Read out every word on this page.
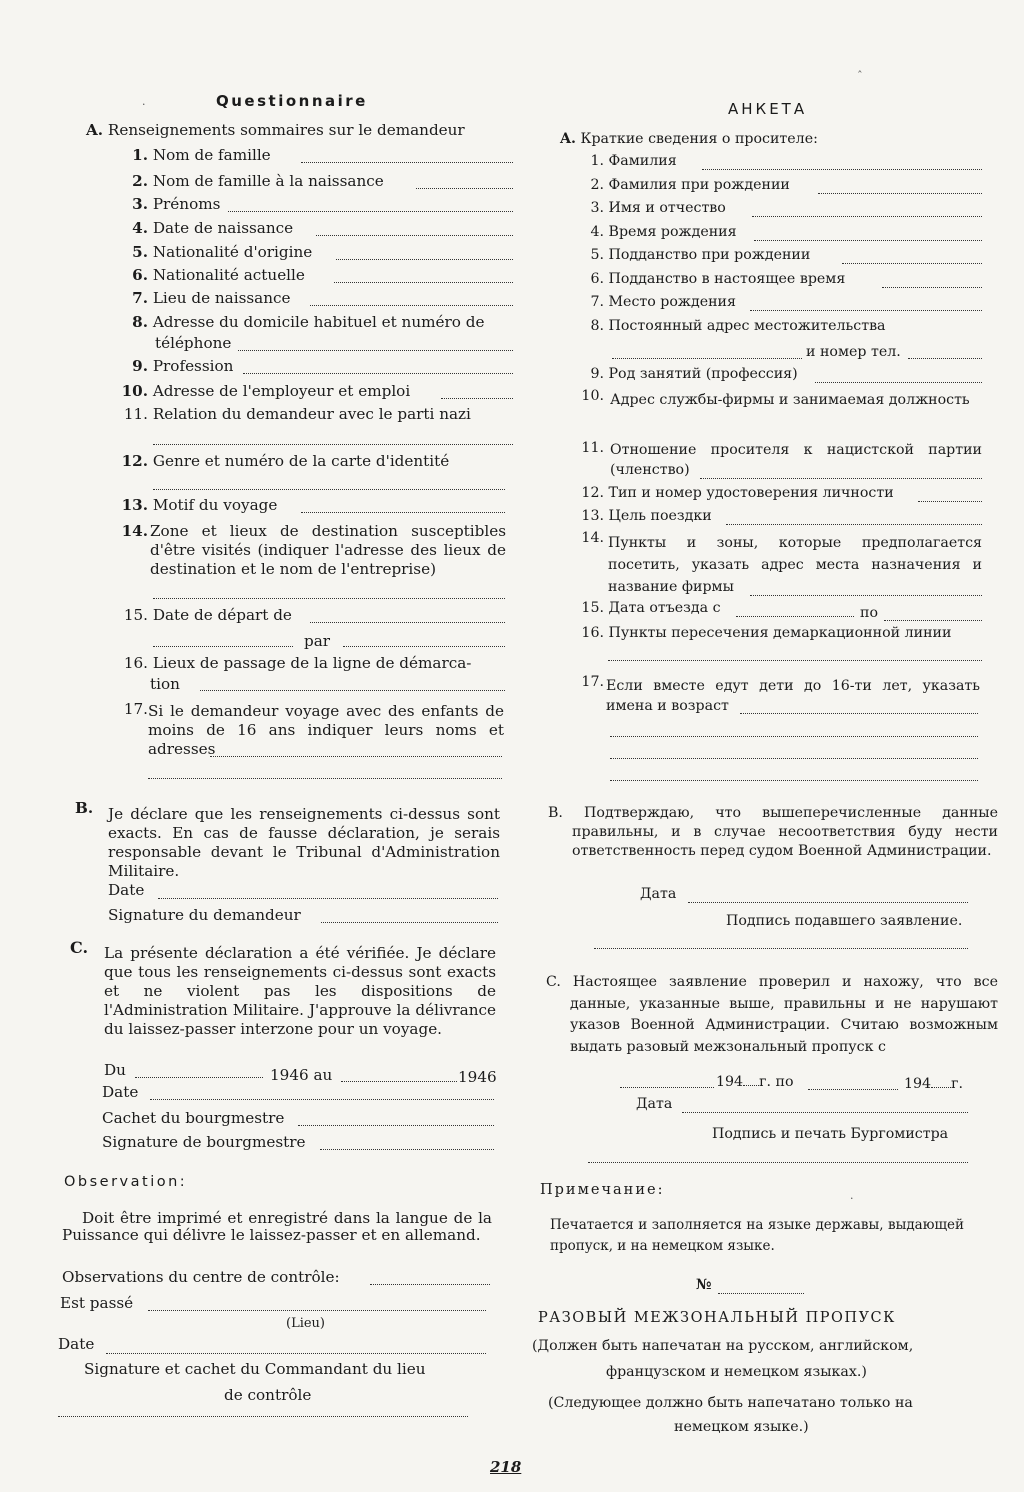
Questionnaire
A. Renseignements sommaires sur le demandeur
1. Nom de famille
2. Nom de famille à la naissance
3. Prénoms
4. Date de naissance
5. Nationalité d'origine
6. Nationalité actuelle
7. Lieu de naissance
8. Adresse du domicile habituel et numéro de
téléphone
9. Profession
10. Adresse de l'employeur et emploi
11. Relation du demandeur avec le parti nazi
12. Genre et numéro de la carte d'identité
13. Motif du voyage
14. Zone et lieux de destination susceptibles d'être visités (indiquer l'adresse des lieux de destination et le nom de l'entreprise)
15. Date de départ de
par
16. Lieux de passage de la ligne de démarca-
tion
17. Si le demandeur voyage avec des enfants de moins de 16 ans indiquer leurs noms et adresses
B. Je déclare que les renseignements ci-dessus sont exacts. En cas de fausse déclaration, je serais responsable devant le Tribunal d'Administration Militaire.
Date
Signature du demandeur
C. La présente déclaration a été vérifiée. Je déclare que tous les renseignements ci-dessus sont exacts et ne violent pas les dispositions de l'Administration Militaire. J'approuve la délivrance du laissez-passer interzone pour un voyage.
Du	1946 au	1946
Date
Cachet du bourgmestre
Signature de bourgmestre
Observation:
Doit être imprimé et enregistré dans la langue de la Puissance qui délivre le laissez-passer et en allemand.
Observations du centre de contrôle:
Est passé
(Lieu)
Date
Signature et cachet du Commandant du lieu
de contrôle
АНКЕТА
A. Краткие сведения о просителе:
1. Фамилия
2. Фамилия при рождении
3. Имя и отчество
4. Время рождения
5. Подданство при рождении
6. Подданство в настоящее время
7. Место рождения
8. Постоянный адрес местожительства
и номер тел.
9. Род занятий (профессия)
10. Адрес службы-фирмы и занимаемая должность
11. Отношение просителя к нацистской партии (членство)
12. Тип и номер удостоверения личности
13. Цель поездки
14. Пункты и зоны, которые предполагается посетить, указать адрес места назначения и название фирмы
15. Дата отъезда с	по
16. Пункты пересечения демаркационной линии
17. Если вместе едут дети до 16-ти лет, указать имена и возраст
B. Подтверждаю, что вышеперечисленные данные правильны, и в случае несоответствия буду нести ответственность перед судом Военной Администрации.
Дата
Подпись подавшего заявление.
C. Настоящее заявление проверил и нахожу, что все данные, указанные выше, правильны и не нарушают указов Военной Администрации. Считаю возможным выдать разовый межзональный пропуск с
194 г. по	194 г.
Дата
Подпись и печать Бургомистра
Примечание:
Печатается и заполняется на языке державы, выдающей пропуск, и на немецком языке.
№
РАЗОВЫЙ МЕЖЗОНАЛЬНЫЙ ПРОПУСК
(Должен быть напечатан на русском, английском,
французском и немецком языках.)
(Следующее должно быть напечатано только на
немецком языке.)
·
‸
·
218
